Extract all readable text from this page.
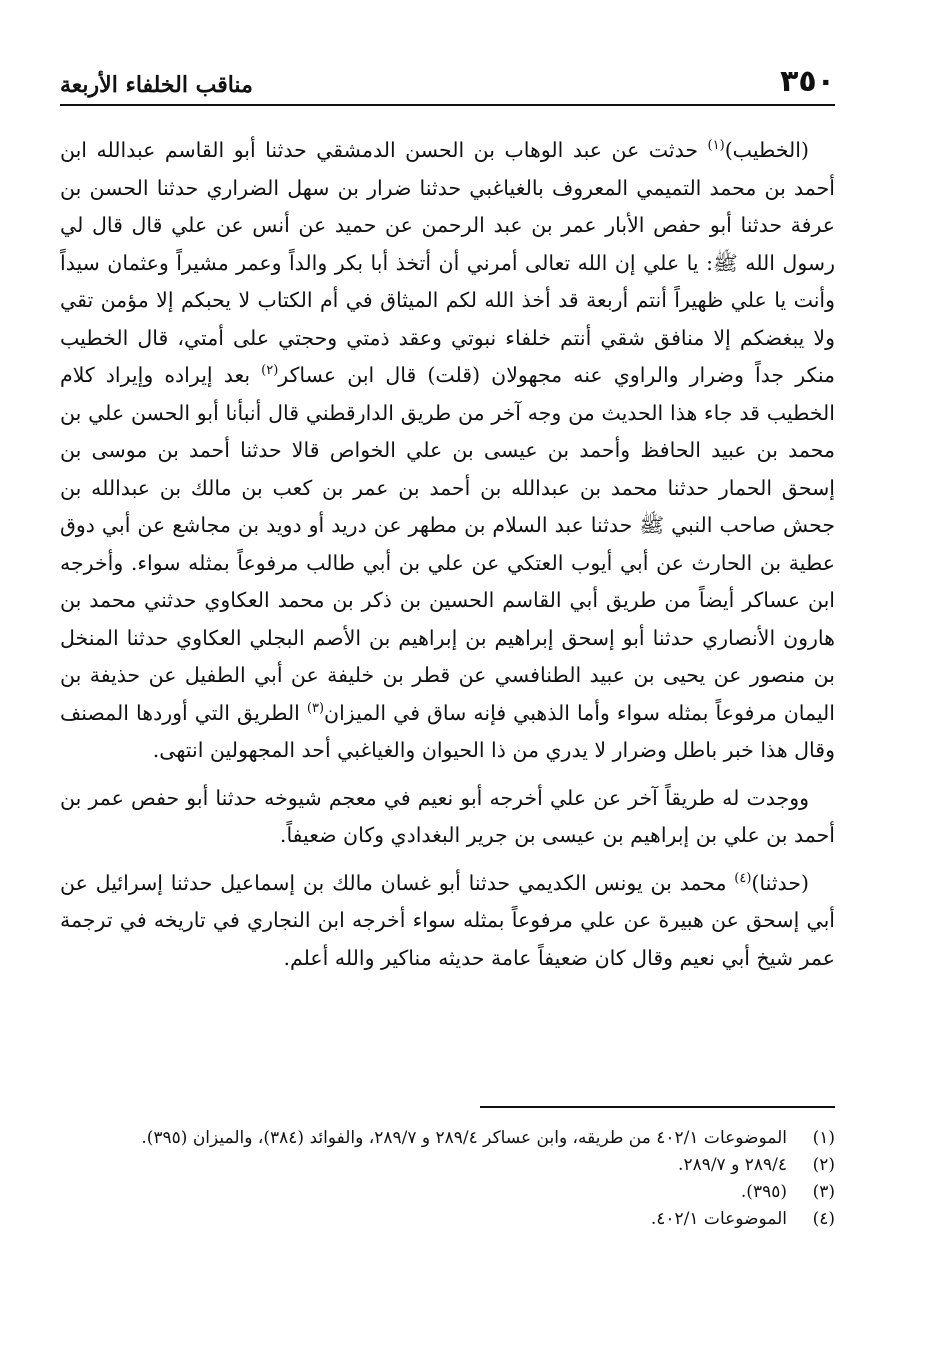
٣٥٠
مناقب الخلفاء الأربعة

(الخطيب)$^{(١)}$ حدثت عن عبد الوهاب بن الحسن الدمشقي حدثنا أبو القاسم عبدالله ابن أحمد بن محمد التميمي المعروف بالغياغبي حدثنا ضرار بن سهل الضراري حدثنا الحسن بن عرفة حدثنا أبو حفص الأبار عمر بن عبد الرحمن عن حميد عن أنس عن علي قال قال لي رسول الله ﷺ: يا علي إن الله تعالى أمرني أن أتخذ أبا بكر والداً وعمر مشيراً وعثمان سيداً وأنت يا علي ظهيراً أنتم أربعة قد أخذ الله لكم الميثاق في أم الكتاب لا يحبكم إلا مؤمن تقي ولا يبغضكم إلا منافق شقي أنتم خلفاء نبوتي وعقد ذمتي وحجتي على أمتي، قال الخطيب منكر جداً وضرار والراوي عنه مجهولان (قلت) قال ابن عساكر$^{(٢)}$ بعد إيراده وإيراد كلام الخطيب قد جاء هذا الحديث من وجه آخر من طريق الدارقطني قال أنبأنا أبو الحسن علي بن محمد بن عبيد الحافظ وأحمد بن عيسى بن علي الخواص قالا حدثنا أحمد بن موسى بن إسحق الحمار حدثنا محمد بن عبدالله بن أحمد بن عمر بن كعب بن مالك بن عبدالله بن جحش صاحب النبي ﷺ حدثنا عبد السلام بن مطهر عن دريد أو دويد بن مجاشع عن أبي دوق عطية بن الحارث عن أبي أيوب العتكي عن علي بن أبي طالب مرفوعاً بمثله سواء. وأخرجه ابن عساكر أيضاً من طريق أبي القاسم الحسين بن ذكر بن محمد العكاوي حدثني محمد بن هارون الأنصاري حدثنا أبو إسحق إبراهيم بن إبراهيم بن الأصم البجلي العكاوي حدثنا المنخل بن منصور عن يحيى بن عبيد الطنافسي عن قطر بن خليفة عن أبي الطفيل عن حذيفة بن اليمان مرفوعاً بمثله سواء وأما الذهبي فإنه ساق في الميزان$^{(٣)}$ الطريق التي أوردها المصنف وقال هذا خبر باطل وضرار لا يدري من ذا الحيوان والغياغبي أحد المجهولين انتهى.

ووجدت له طريقاً آخر عن علي أخرجه أبو نعيم في معجم شيوخه حدثنا أبو حفص عمر بن أحمد بن علي بن إبراهيم بن عيسى بن جرير البغدادي وكان ضعيفاً.

(حدثنا)$^{(٤)}$ محمد بن يونس الكديمي حدثنا أبو غسان مالك بن إسماعيل حدثنا إسرائيل عن أبي إسحق عن هبيرة عن علي مرفوعاً بمثله سواء أخرجه ابن النجاري في تاريخه في ترجمة عمر شيخ أبي نعيم وقال كان ضعيفاً عامة حديثه مناكير والله أعلم.

(١)
الموضوعات ٤٠٢/١ من طريقه، وابن عساكر ٢٨٩/٤ و ٢٨٩/٧، والفوائد (٣٨٤)، والميزان (٣٩٥).
(٢)
٢٨٩/٤ و ٢٨٩/٧.
(٣)
(٣٩٥).
(٤)
الموضوعات ٤٠٢/١.
